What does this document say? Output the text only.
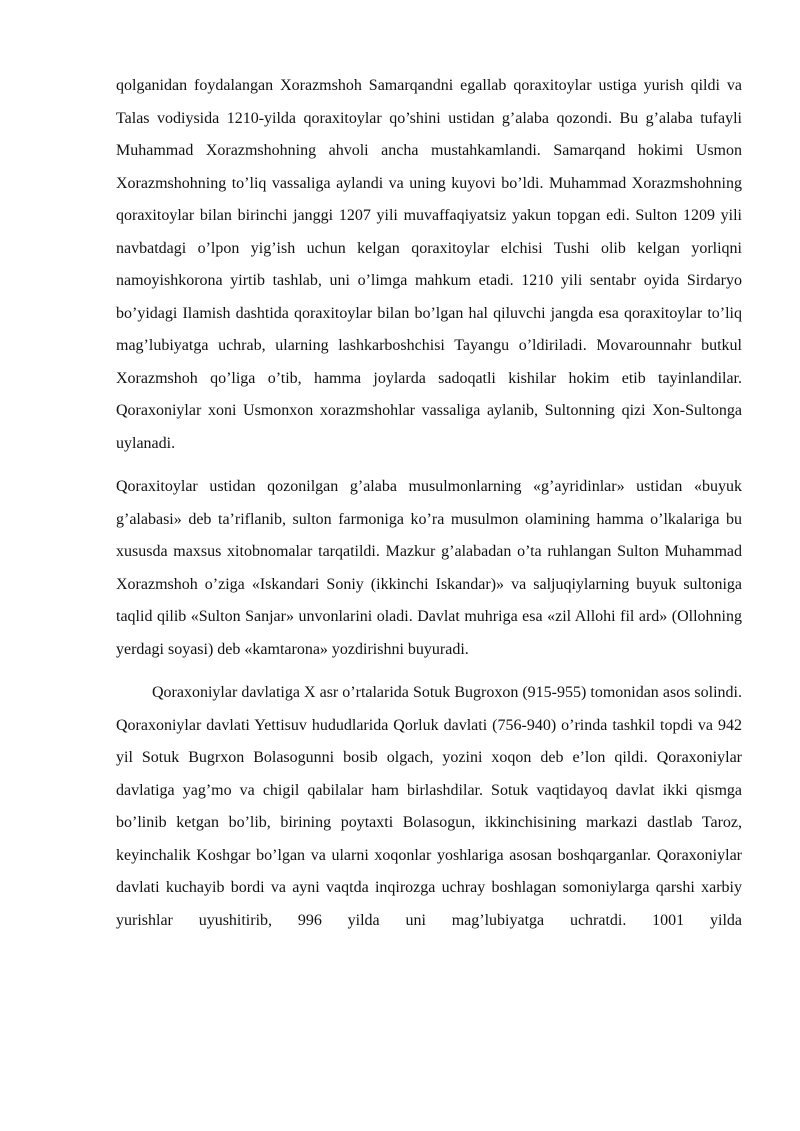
qolganidan foydalangan Xorazmshoh Samarqandni egallab qoraxitoylar ustiga yurish qildi va Talas vodiysida 1210-yilda qoraxitoylar qo’shini ustidan g’alaba qozondi. Bu g’alaba tufayli Muhammad Xorazmshohning ahvoli ancha mustahkamlandi. Samarqand hokimi Usmon Xorazmshohning to’liq vassaliga aylandi va uning kuyovi bo’ldi. Muhammad Xorazmshohning qoraxitoylar bilan birinchi janggi 1207 yili muvaffaqiyatsiz yakun topgan edi. Sulton 1209 yili navbatdagi o’lpon yig’ish uchun kelgan qoraxitoylar elchisi Tushi olib kelgan yorliqni namoyishkorona yirtib tashlab, uni o’limga mahkum etadi. 1210 yili sentabr oyida Sirdaryo bo’yidagi Ilamish dashtida qoraxitoylar bilan bo’lgan hal qiluvchi jangda esa qoraxitoylar to’liq mag’lubiyatga uchrab, ularning lashkarboshchisi Tayangu o’ldiriladi. Movarounnahr butkul Xorazmshoh qo’liga o’tib, hamma joylarda sadoqatli kishilar hokim etib tayinlandilar. Qoraxoniylar xoni Usmonxon xorazmshohlar vassaliga aylanib, Sultonning qizi Xon-Sultonga uylanadi.

Qoraxitoylar ustidan qozonilgan g’alaba musulmonlarning «g’ayridinlar» ustidan «buyuk g’alabasi» deb ta’riflanib, sulton farmoniga ko’ra musulmon olamining hamma o’lkalariga bu xususda maxsus xitobnomalar tarqatildi. Mazkur g’alabadan o’ta ruhlangan Sulton Muhammad Xorazmshoh o’ziga «Iskandari Soniy (ikkinchi Iskandar)» va saljuqiylarning buyuk sultoniga taqlid qilib «Sulton Sanjar» unvonlarini oladi. Davlat muhriga esa «zil Allohi fil ard» (Ollohning yerdagi soyasi) deb «kamtarona» yozdirishni buyuradi.

Qoraxoniylar davlatiga X asr o’rtalarida Sotuk Bugroxon (915-955) tomonidan asos solindi. Qoraxoniylar davlati Yettisuv hududlarida Qorluk davlati (756-940) o’rinda tashkil topdi va 942 yil Sotuk Bugrxon Bolasogunni bosib olgach, yozini xoqon deb e’lon qildi. Qoraxoniylar davlatiga yag’mo va chigil qabilalar ham birlashdilar. Sotuk vaqtidayoq davlat ikki qismga bo’linib ketgan bo’lib, birining poytaxti Bolasogun, ikkinchisining markazi dastlab Taroz, keyinchalik Koshgar bo’lgan va ularni xoqonlar yoshlariga asosan boshqarganlar. Qoraxoniylar davlati kuchayib bordi va ayni vaqtda inqirozga uchray boshlagan somoniylarga qarshi xarbiy yurishlar uyushitirib, 996 yilda uni mag’lubiyatga uchratdi. 1001 yilda
